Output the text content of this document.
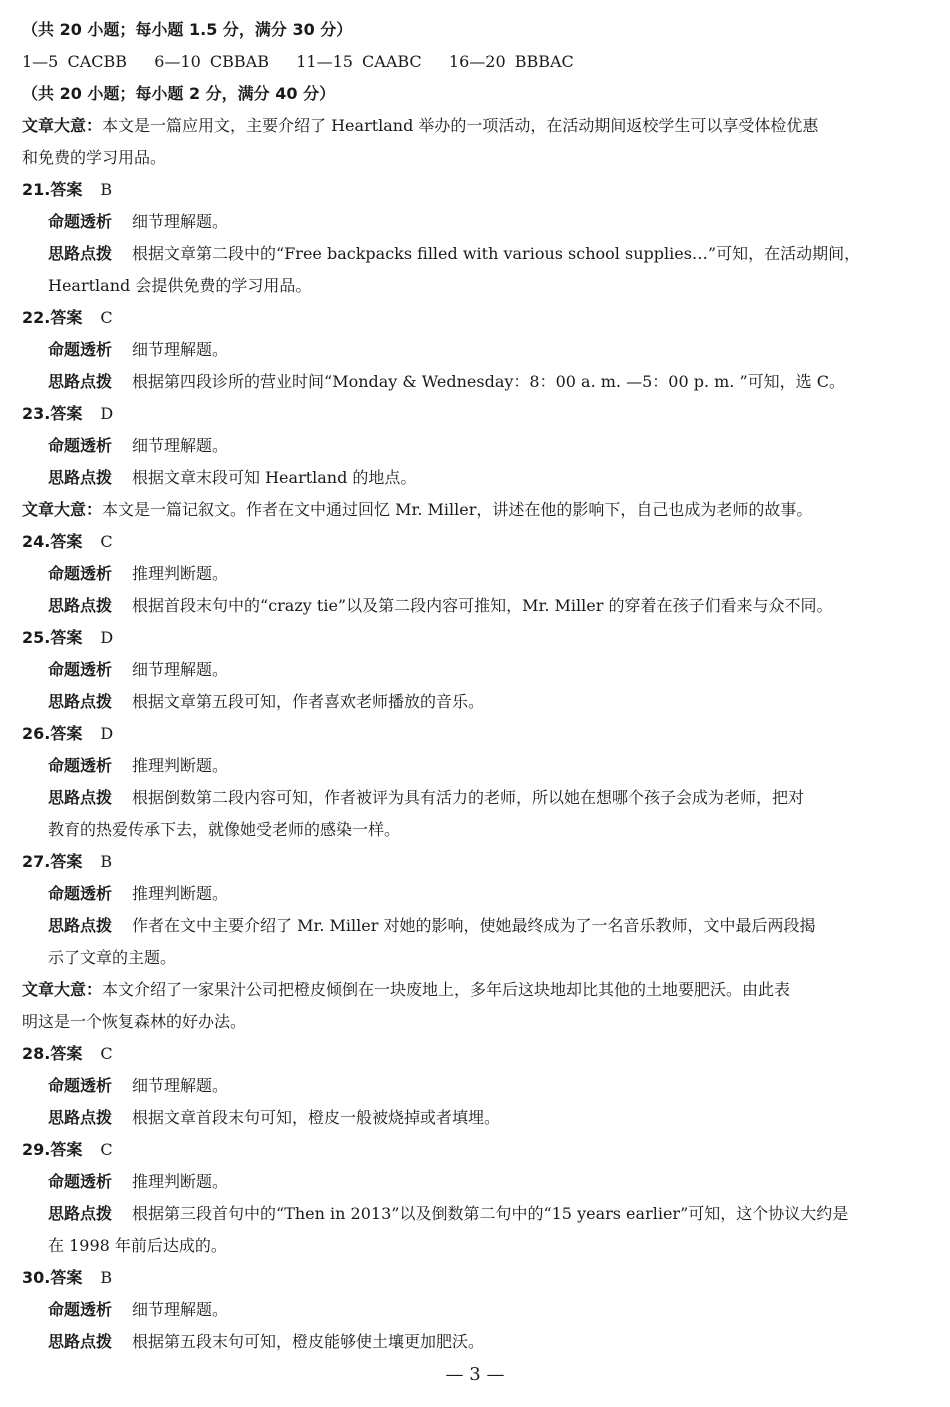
（共 20 小题；每小题 1.5 分，满分 30 分）
1—5 CACBB   6—10 CBBAB   11—15 CAABC   16—20 BBBAC
（共 20 小题；每小题 2 分，满分 40 分）
文章大意：本文是一篇应用文，主要介绍了 Heartland 举办的一项活动，在活动期间返校学生可以享受体检优惠
和免费的学习用品。
21.答案 B
命题透析 细节理解题。
思路点拨 根据文章第二段中的“Free backpacks filled with various school supplies…”可知，在活动期间，
Heartland 会提供免费的学习用品。
22.答案 C
命题透析 细节理解题。
思路点拨 根据第四段诊所的营业时间“Monday & Wednesday：8：00 a. m. —5：00 p. m. ”可知，选 C。
23.答案 D
命题透析 细节理解题。
思路点拨 根据文章末段可知 Heartland 的地点。
文章大意：本文是一篇记叙文。作者在文中通过回忆 Mr. Miller，讲述在他的影响下，自己也成为老师的故事。
24.答案 C
命题透析 推理判断题。
思路点拨 根据首段末句中的“crazy tie”以及第二段内容可推知，Mr. Miller 的穿着在孩子们看来与众不同。
25.答案 D
命题透析 细节理解题。
思路点拨 根据文章第五段可知，作者喜欢老师播放的音乐。
26.答案 D
命题透析 推理判断题。
思路点拨 根据倒数第二段内容可知，作者被评为具有活力的老师，所以她在想哪个孩子会成为老师，把对
教育的热爱传承下去，就像她受老师的感染一样。
27.答案 B
命题透析 推理判断题。
思路点拨 作者在文中主要介绍了 Mr. Miller 对她的影响，使她最终成为了一名音乐教师，文中最后两段揭
示了文章的主题。
文章大意：本文介绍了一家果汁公司把橙皮倾倒在一块废地上，多年后这块地却比其他的土地要肥沃。由此表
明这是一个恢复森林的好办法。
28.答案 C
命题透析 细节理解题。
思路点拨 根据文章首段末句可知，橙皮一般被烧掉或者填埋。
29.答案 C
命题透析 推理判断题。
思路点拨 根据第三段首句中的“Then in 2013”以及倒数第二句中的“15 years earlier”可知，这个协议大约是
在 1998 年前后达成的。
30.答案 B
命题透析 细节理解题。
思路点拨 根据第五段末句可知，橙皮能够使土壤更加肥沃。
— 3 —
